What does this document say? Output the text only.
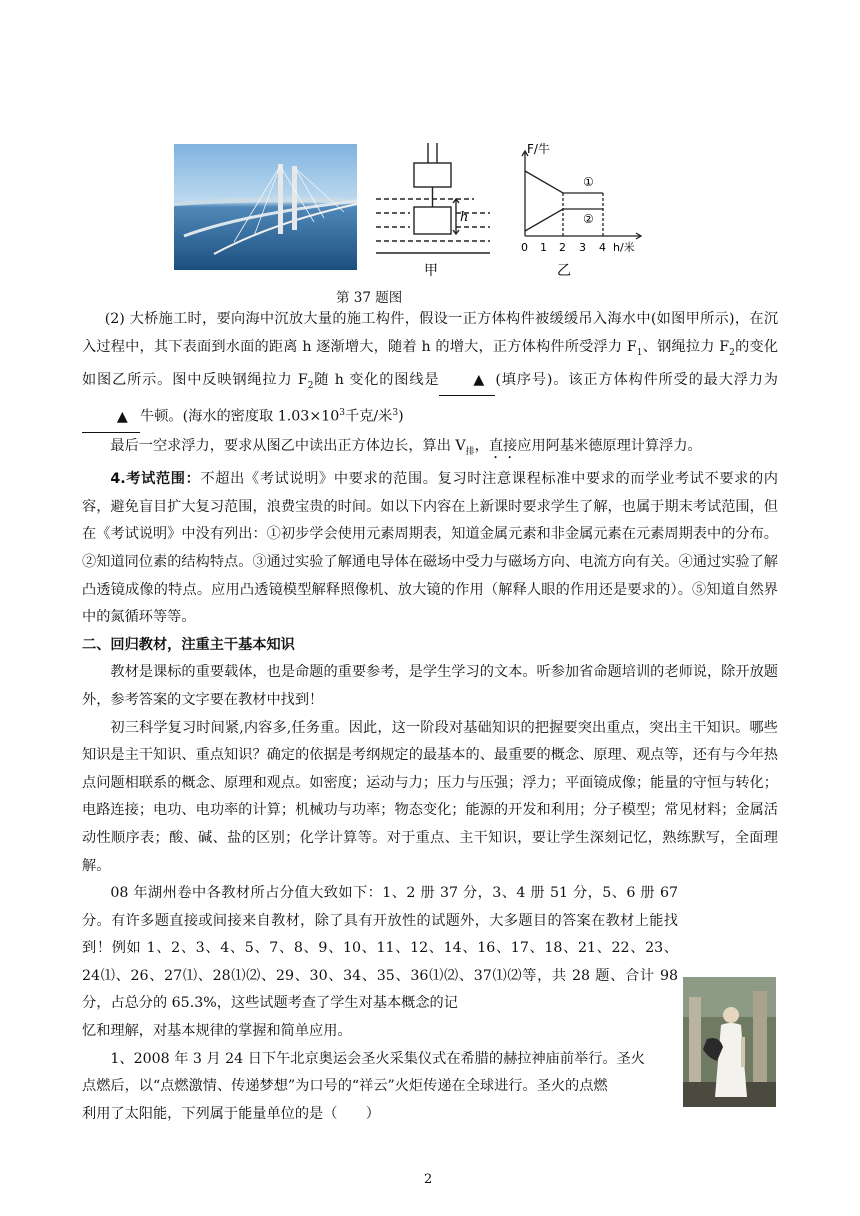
h
甲
F/牛
①
②
0 1 2 3 4 h/米
乙
第 37 题图

(2) 大桥施工时，要向海中沉放大量的施工构件，假设一正方体构件被缓缓吊入海水中(如图甲所示)，在沉入过程中，其下表面到水面的距离 h 逐渐增大，随着 h 的增大，正方体构件所受浮力 $F_1$、钢绳拉力 $F_2$的变化如图乙所示。图中反映钢绳拉力 $F_2$随 h 变化的图线是 ▲ (填序号)。该正方体构件所受的最大浮力为▲ 牛顿。(海水的密度取 $1.03\times 10^3$千克/米$^3$)

最后一空求浮力，要求从图乙中读出正方体边长，算出 $V_排$，直接应用阿基米德原理计算浮力。

4.考试范围：不超出《考试说明》中要求的范围。复习时注意课程标准中要求的而学业考试不要求的内容，避免盲目扩大复习范围，浪费宝贵的时间。如以下内容在上新课时要求学生了解，也属于期末考试范围，但在《考试说明》中没有列出：①初步学会使用元素周期表，知道金属元素和非金属元素在元素周期表中的分布。②知道同位素的结构特点。③通过实验了解通电导体在磁场中受力与磁场方向、电流方向有关。④通过实验了解凸透镜成像的特点。应用凸透镜模型解释照像机、放大镜的作用（解释人眼的作用还是要求的）。⑤知道自然界中的氮循环等等。

二、回归教材，注重主干基本知识

教材是课标的重要载体，也是命题的重要参考，是学生学习的文本。听参加省命题培训的老师说，除开放题外，参考答案的文字要在教材中找到！

初三科学复习时间紧,内容多,任务重。因此，这一阶段对基础知识的把握要突出重点，突出主干知识。哪些知识是主干知识、重点知识？确定的依据是考纲规定的最基本的、最重要的概念、原理、观点等，还有与今年热点问题相联系的概念、原理和观点。如密度；运动与力；压力与压强；浮力；平面镜成像；能量的守恒与转化；电路连接；电功、电功率的计算；机械功与功率；物态变化；能源的开发和利用；分子模型；常见材料；金属活动性顺序表；酸、碱、盐的区别；化学计算等。对于重点、主干知识，要让学生深刻记忆，熟练默写，全面理解。

08 年湖州卷中各教材所占分值大致如下：1、2 册 37 分，3、4 册 51 分，5、6 册 67 分。有许多题直接或间接来自教材，除了具有开放性的试题外，大多题目的答案在教材上能找到！例如 1、2、3、4、5、7、8、9、10、11、12、14、16、17、18、21、22、23、24⑴、26、27⑴、28⑴⑵、29、30、34、35、36⑴⑵、37⑴⑵等，共 28 题、合计 98 分，占总分的 65.3%，这些试题考查了学生对基本概念的记

忆和理解，对基本规律的掌握和简单应用。

1、2008 年 3 月 24 日下午北京奥运会圣火采集仪式在希腊的赫拉神庙前举行。圣火

点燃后，以“点燃激情、传递梦想”为口号的“祥云”火炬传递在全球进行。圣火的点燃

利用了太阳能，下列属于能量单位的是（　　）

2
